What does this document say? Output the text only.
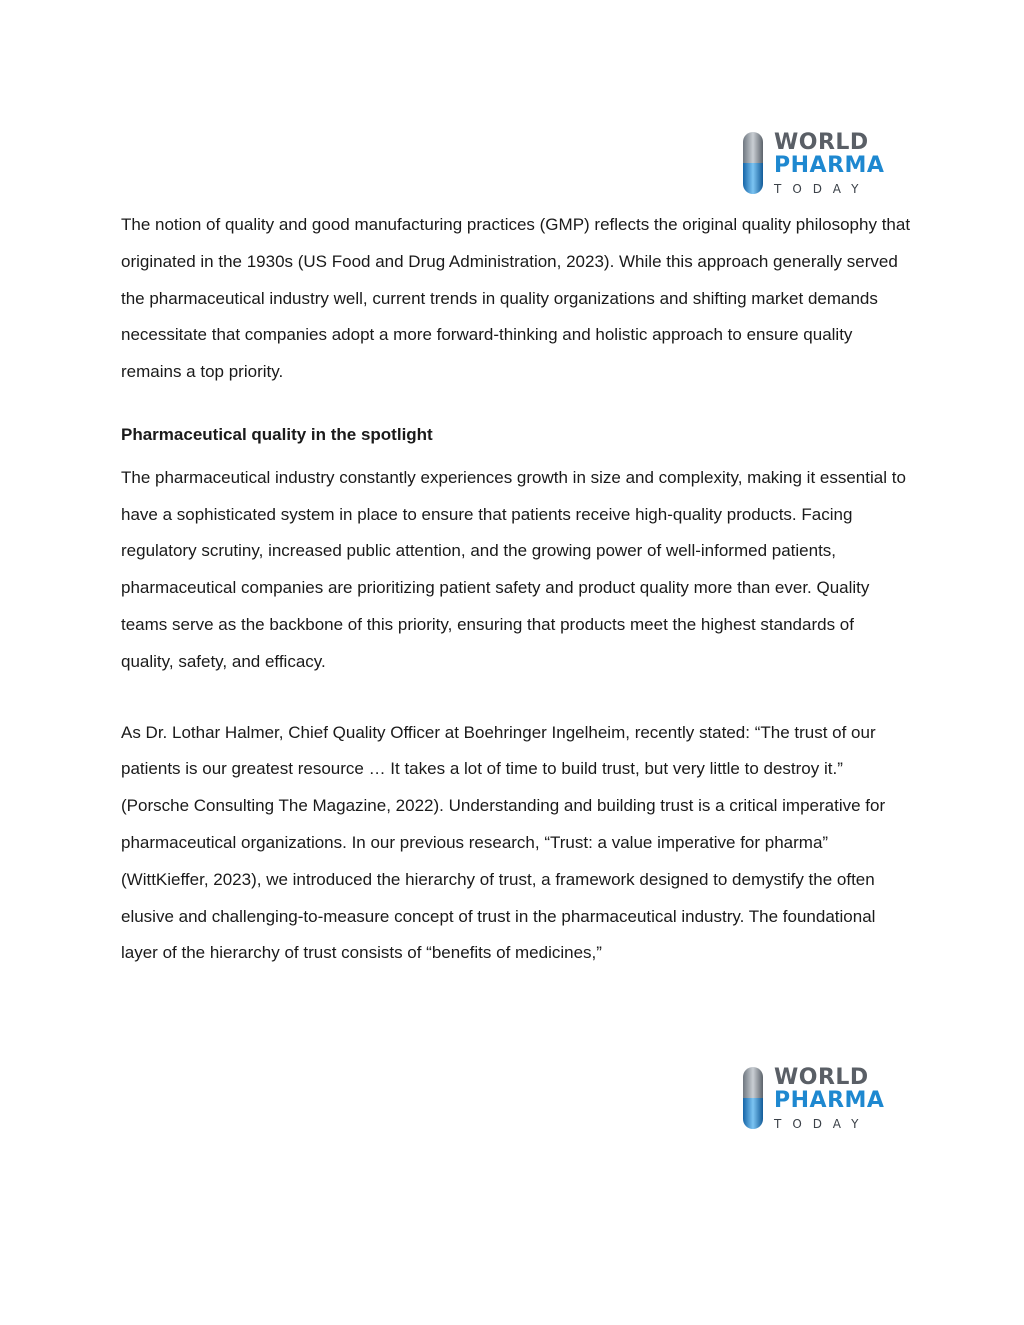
WORLD
PHARMA
TODAY

The notion of quality and good manufacturing practices (GMP) reflects the original quality philosophy that originated in the 1930s (US Food and Drug Administration, 2023). While this approach generally served the pharmaceutical industry well, current trends in quality organizations and shifting market demands necessitate that companies adopt a more forward-thinking and holistic approach to ensure quality remains a top priority.

Pharmaceutical quality in the spotlight

The pharmaceutical industry constantly experiences growth in size and complexity, making it essential to have a sophisticated system in place to ensure that patients receive high-quality products. Facing regulatory scrutiny, increased public attention, and the growing power of well-informed patients, pharmaceutical companies are prioritizing patient safety and product quality more than ever. Quality teams serve as the backbone of this priority, ensuring that products meet the highest standards of quality, safety, and efficacy.

As Dr. Lothar Halmer, Chief Quality Officer at Boehringer Ingelheim, recently stated: “The trust of our patients is our greatest resource … It takes a lot of time to build trust, but very little to destroy it.” (Porsche Consulting The Magazine, 2022). Understanding and building trust is a critical imperative for pharmaceutical organizations. In our previous research, “Trust: a value imperative for pharma” (WittKieffer, 2023), we introduced the hierarchy of trust, a framework designed to demystify the often elusive and challenging-to-measure concept of trust in the pharmaceutical industry. The foundational layer of the hierarchy of trust consists of “benefits of medicines,”

WORLD
PHARMA
TODAY
